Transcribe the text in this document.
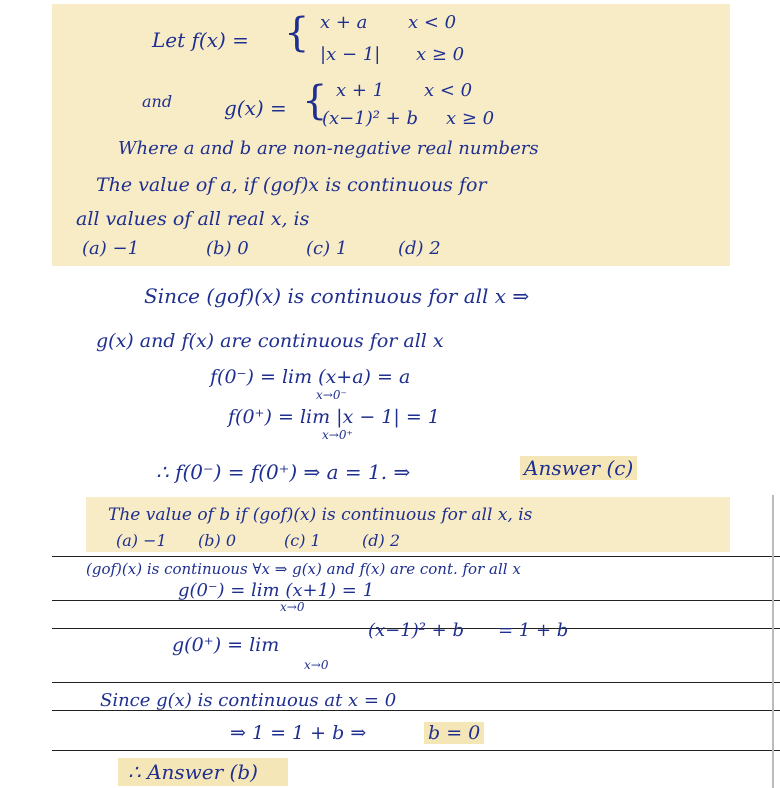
Let f(x) = { x + a x < 0
|x − 1| x ≥ 0
and	g(x) = { x + 1 x < 0
(x−1)² + b x ≥ 0
Where a and b are non-negative real numbers
The value of a, if (gof)x is continuous for
all values of all real x, is
(a) −1	(b) 0	(c) 1	(d) 2
Since (gof)(x) is continuous for all x ⇒
g(x) and f(x) are continuous for all x
f(0⁻) = lim (x+a) = a
x→0⁻
f(0⁺) = lim |x − 1| = 1
x→0⁺
∴ f(0⁻) = f(0⁺) ⇒ a = 1. ⇒	Answer (c)
The value of b if (gof)(x) is continuous for all x, is
(a) −1 (b) 0	(c) 1	(d) 2
(gof)(x) is continuous ∀x ⇒ g(x) and f(x) are cont. for all x
g(0⁻) = lim (x+1) = 1
x→0
g(0⁺) = lim
(x−1)² + b = 1 + b
x→0
Since g(x) is continuous at x = 0
⇒ 1 = 1 + b ⇒	b = 0
∴ Answer (b)
